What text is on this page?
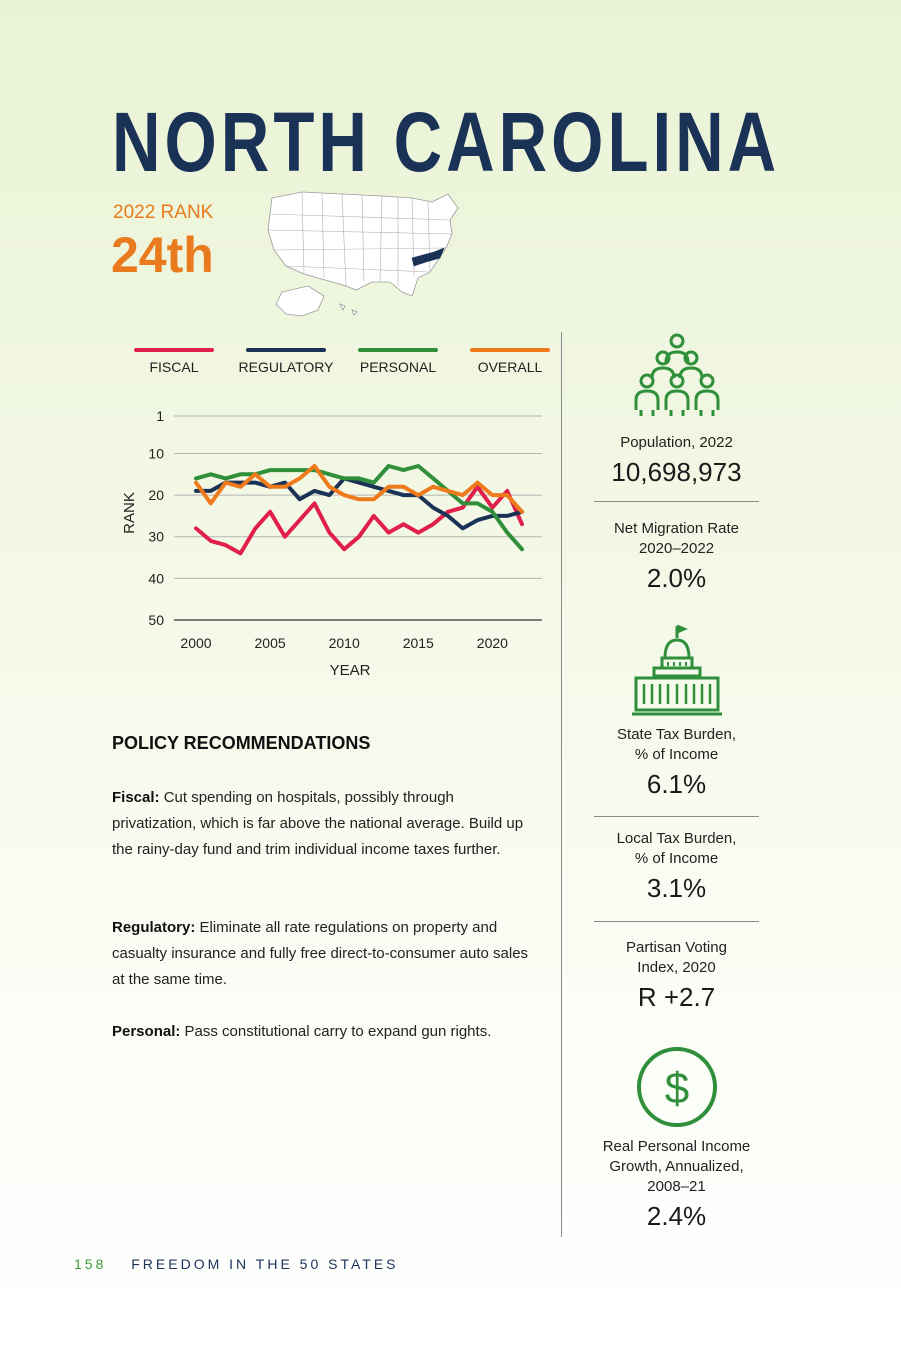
NORTH CAROLINA
2022 RANK
24th
FISCAL	REGULATORY PERSONAL	OVERALL
1
10
20
30
40
50
2000	2005	2010	2015	2020
YEAR
RANK
POLICY RECOMMENDATIONS

Fiscal: Cut spending on hospitals, possibly through privatization, which is far above the national average. Build up the rainy-day fund and trim individual income taxes further.

Regulatory: Eliminate all rate regulations on property and casualty insurance and fully free direct-to-consumer auto sales at the same time.

Personal: Pass constitutional carry to expand gun rights.

Population, 2022
10,698,973
Net Migration Rate
2020–2022
2.0%
State Tax Burden,
% of Income
6.1%
Local Tax Burden,
% of Income
3.1%
Partisan Voting
Index, 2020
R +2.7
$
Real Personal Income
Growth, Annualized,
2008–21
2.4%
158 FREEDOM IN THE 50 STATES
